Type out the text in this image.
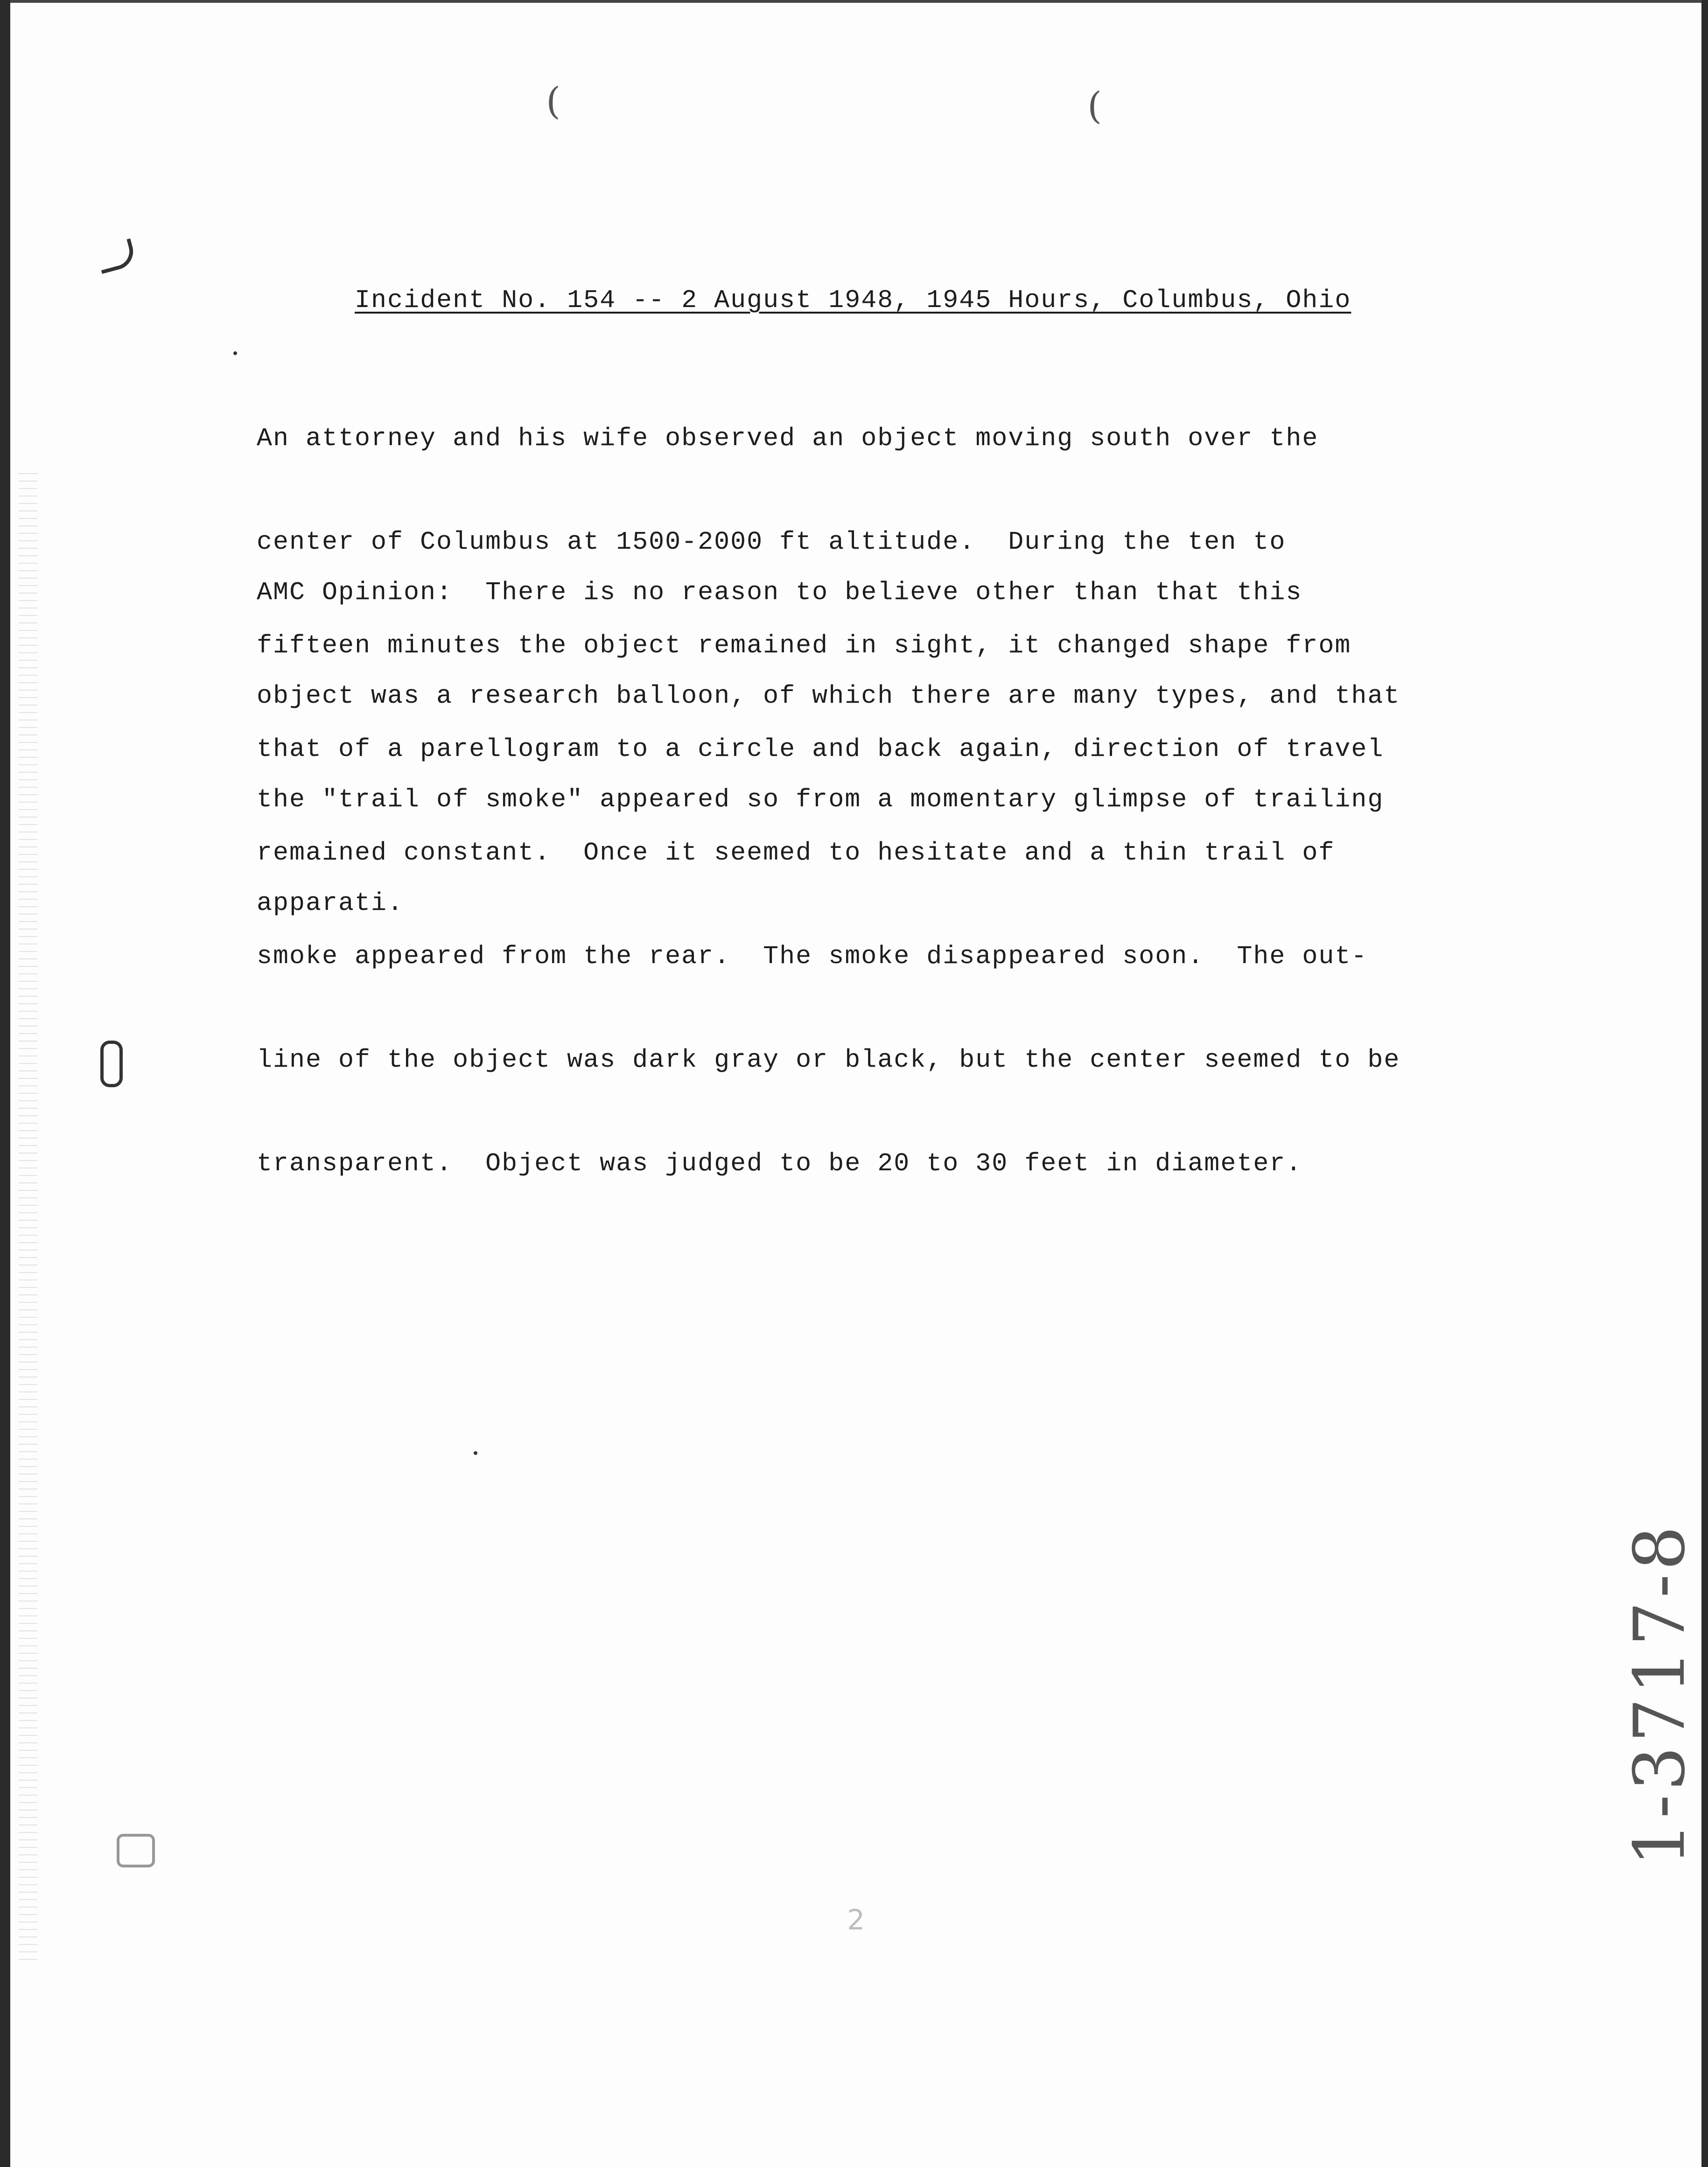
(	(

Incident No. 154 -- 2 August 1948, 1945 Hours, Columbus, Ohio

An attorney and his wife observed an object moving south over the

center of Columbus at 1500-2000 ft altitude.  During the ten to

fifteen minutes the object remained in sight, it changed shape from

that of a parellogram to a circle and back again, direction of travel

remained constant.  Once it seemed to hesitate and a thin trail of

smoke appeared from the rear.  The smoke disappeared soon.  The out-

line of the object was dark gray or black, but the center seemed to be

transparent.  Object was judged to be 20 to 30 feet in diameter.

AMC Opinion:  There is no reason to believe other than that this

object was a research balloon, of which there are many types, and that

the "trail of smoke" appeared so from a momentary glimpse of trailing

apparati.

2
1-3717-8
